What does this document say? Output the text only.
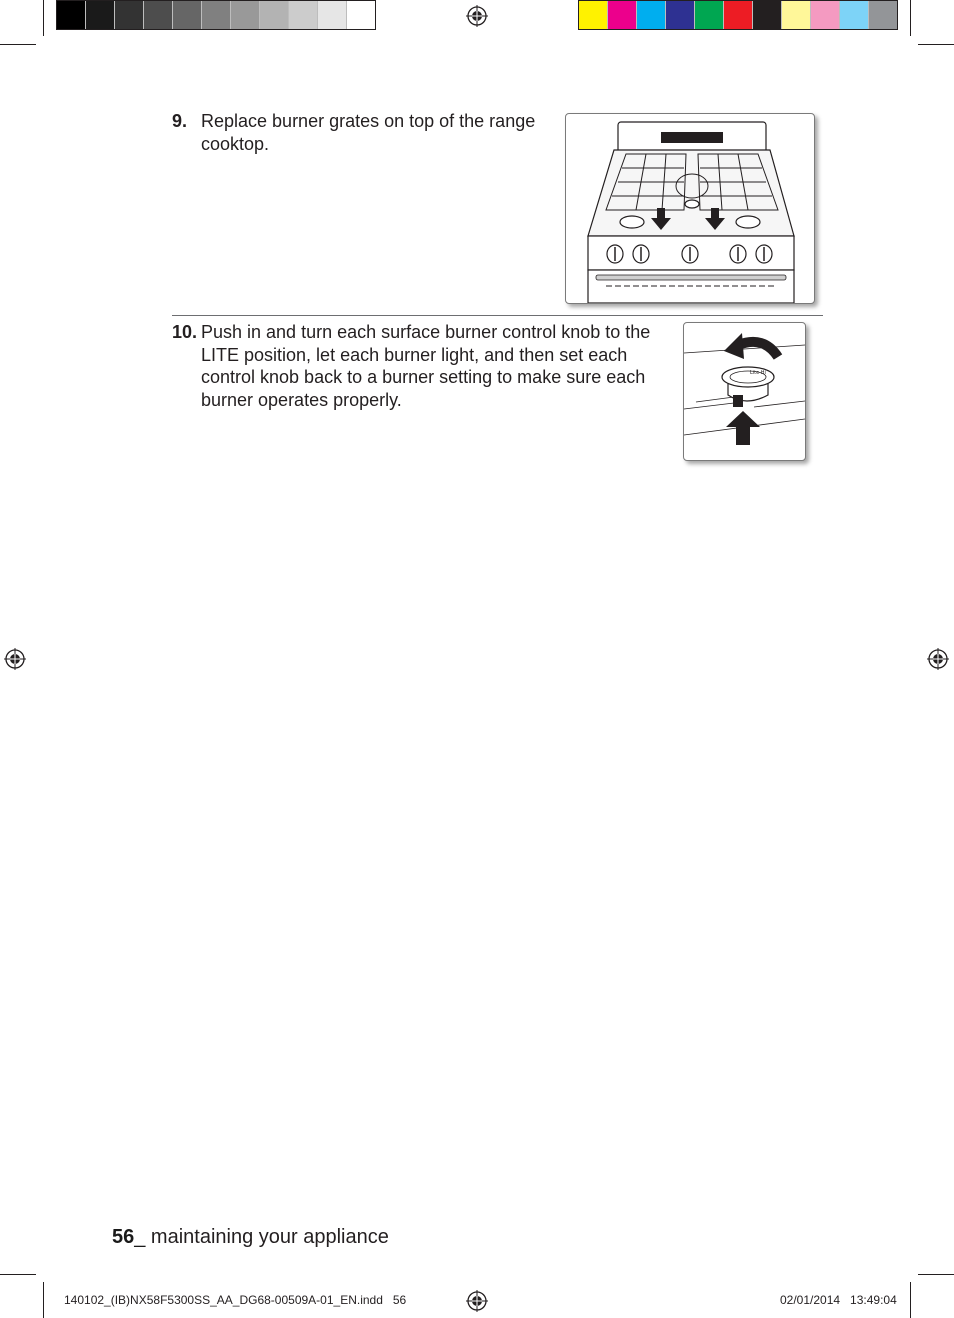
9. Replace burner grates on top of the range
cooktop.

10. Push in and turn each surface burner control knob to the
LITE position, let each burner light, and then set each
control knob back to a burner setting to make sure each
burner operates properly.

Lite Hi
56_ maintaining your appliance
140102_(IB)NX58F5300SS_AA_DG68-00509A-01_EN.indd   56	02/01/2014   13:49:04
